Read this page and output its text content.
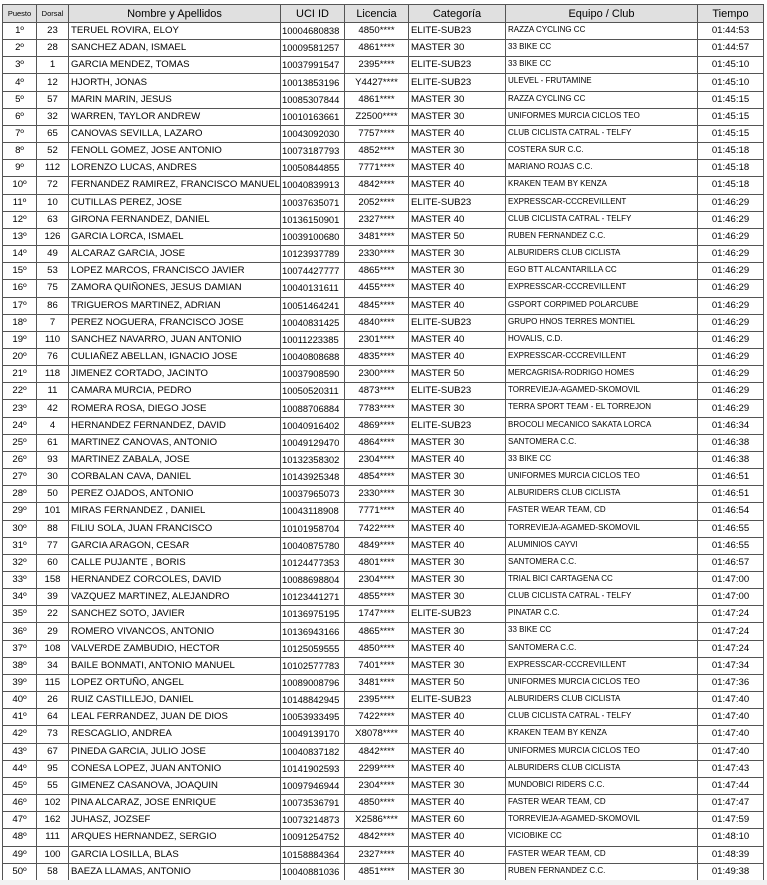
Puesto	Dorsal	Nombre y Apellidos	UCI ID	Licencia	Categoría	Equipo / Club	Tiempo
1º	23	TERUEL ROVIRA, ELOY	10004680838	4850****	ELITE-SUB23	RAZZA CYCLING CC	01:44:53
2º	28	SANCHEZ ADAN, ISMAEL	10009581257	4861****	MASTER 30	33 BIKE CC	01:44:57
3º	1	GARCIA MENDEZ, TOMAS	10037991547	2395****	ELITE-SUB23	33 BIKE CC	01:45:10
4º	12	HJORTH, JONAS	10013853196	Y4427****	ELITE-SUB23	ULEVEL - FRUTAMINE	01:45:10
5º	57	MARIN MARIN, JESUS	10085307844	4861****	MASTER 30	RAZZA CYCLING CC	01:45:15
6º	32	WARREN, TAYLOR ANDREW	10010163661	Z2500****	MASTER 30	UNIFORMES MURCIA CICLOS TEO	01:45:15
7º	65	CANOVAS SEVILLA, LAZARO	10043092030	7757****	MASTER 40	CLUB CICLISTA CATRAL - TELFY	01:45:15
8º	52	FENOLL GOMEZ, JOSE ANTONIO	10073187793	4852****	MASTER 30	COSTERA SUR C.C.	01:45:18
9º	112	LORENZO LUCAS, ANDRES	10050844855	7771****	MASTER 40	MARIANO ROJAS C.C.	01:45:18
10º	72	FERNANDEZ RAMIREZ, FRANCISCO MANUEL	10040839913	4842****	MASTER 40	KRAKEN TEAM BY KENZA	01:45:18
11º	10	CUTILLAS PEREZ, JOSE	10037635071	2052****	ELITE-SUB23	EXPRESSCAR-CCCREVILLENT	01:46:29
12º	63	GIRONA FERNANDEZ, DANIEL	10136150901	2327****	MASTER 40	CLUB CICLISTA CATRAL - TELFY	01:46:29
13º	126	GARCIA LORCA, ISMAEL	10039100680	3481****	MASTER 50	RUBEN FERNANDEZ C.C.	01:46:29
14º	49	ALCARAZ GARCIA, JOSE	10123937789	2330****	MASTER 30	ALBURIDERS CLUB CICLISTA	01:46:29
15º	53	LOPEZ MARCOS, FRANCISCO JAVIER	10074427777	4865****	MASTER 30	EGO BTT ALCANTARILLA CC	01:46:29
16º	75	ZAMORA QUIÑONES, JESUS DAMIAN	10040131611	4455****	MASTER 40	EXPRESSCAR-CCCREVILLENT	01:46:29
17º	86	TRIGUEROS MARTINEZ, ADRIAN	10051464241	4845****	MASTER 40	GSPORT CORPIMED POLARCUBE	01:46:29
18º	7	PEREZ NOGUERA, FRANCISCO JOSE	10040831425	4840****	ELITE-SUB23	GRUPO HNOS TERRES MONTIEL	01:46:29
19º	110	SANCHEZ NAVARRO, JUAN ANTONIO	10011223385	2301****	MASTER 40	HOVALIS, C.D.	01:46:29
20º	76	CULIAÑEZ ABELLAN, IGNACIO JOSE	10040808688	4835****	MASTER 40	EXPRESSCAR-CCCREVILLENT	01:46:29
21º	118	JIMENEZ CORTADO, JACINTO	10037908590	2300****	MASTER 50	MERCAGRISA-RODRIGO HOMES	01:46:29
22º	11	CAMARA MURCIA, PEDRO	10050520311	4873****	ELITE-SUB23	TORREVIEJA-AGAMED-SKOMOVIL	01:46:29
23º	42	ROMERA ROSA, DIEGO JOSE	10088706884	7783****	MASTER 30	TERRA SPORT TEAM - EL TORREJON	01:46:29
24º	4	HERNANDEZ FERNANDEZ, DAVID	10040916402	4869****	ELITE-SUB23	BROCOLI MECANICO SAKATA LORCA	01:46:34
25º	61	MARTINEZ CANOVAS, ANTONIO	10049129470	4864****	MASTER 30	SANTOMERA C.C.	01:46:38
26º	93	MARTINEZ ZABALA, JOSE	10132358302	2304****	MASTER 40	33 BIKE CC	01:46:38
27º	30	CORBALAN CAVA, DANIEL	10143925348	4854****	MASTER 30	UNIFORMES MURCIA CICLOS TEO	01:46:51
28º	50	PEREZ OJADOS, ANTONIO	10037965073	2330****	MASTER 30	ALBURIDERS CLUB CICLISTA	01:46:51
29º	101	MIRAS FERNANDEZ , DANIEL	10043118908	7771****	MASTER 40	FASTER WEAR TEAM, CD	01:46:54
30º	88	FILIU SOLA, JUAN FRANCISCO	10101958704	7422****	MASTER 40	TORREVIEJA-AGAMED-SKOMOVIL	01:46:55
31º	77	GARCIA ARAGON, CESAR	10040875780	4849****	MASTER 40	ALUMINIOS CAYVI	01:46:55
32º	60	CALLE PUJANTE , BORIS	10124477353	4801****	MASTER 30	SANTOMERA C.C.	01:46:57
33º	158	HERNANDEZ CORCOLES, DAVID	10088698804	2304****	MASTER 30	TRIAL BICI CARTAGENA CC	01:47:00
34º	39	VAZQUEZ MARTINEZ, ALEJANDRO	10123441271	4855****	MASTER 30	CLUB CICLISTA CATRAL - TELFY	01:47:00
35º	22	SANCHEZ SOTO, JAVIER	10136975195	1747****	ELITE-SUB23	PINATAR C.C.	01:47:24
36º	29	ROMERO VIVANCOS, ANTONIO	10136943166	4865****	MASTER 30	33 BIKE CC	01:47:24
37º	108	VALVERDE ZAMBUDIO, HECTOR	10125059555	4850****	MASTER 40	SANTOMERA C.C.	01:47:24
38º	34	BAILE BONMATI, ANTONIO MANUEL	10102577783	7401****	MASTER 30	EXPRESSCAR-CCCREVILLENT	01:47:34
39º	115	LOPEZ ORTUÑO, ANGEL	10089008796	3481****	MASTER 50	UNIFORMES MURCIA CICLOS TEO	01:47:36
40º	26	RUIZ CASTILLEJO, DANIEL	10148842945	2395****	ELITE-SUB23	ALBURIDERS CLUB CICLISTA	01:47:40
41º	64	LEAL FERRANDEZ, JUAN DE DIOS	10053933495	7422****	MASTER 40	CLUB CICLISTA CATRAL - TELFY	01:47:40
42º	73	RESCAGLIO, ANDREA	10049139170	X8078****	MASTER 40	KRAKEN TEAM BY KENZA	01:47:40
43º	67	PINEDA GARCIA, JULIO JOSE	10040837182	4842****	MASTER 40	UNIFORMES MURCIA CICLOS TEO	01:47:40
44º	95	CONESA LOPEZ, JUAN ANTONIO	10141902593	2299****	MASTER 40	ALBURIDERS CLUB CICLISTA	01:47:43
45º	55	GIMENEZ CASANOVA, JOAQUIN	10097946944	2304****	MASTER 30	MUNDOBICI RIDERS C.C.	01:47:44
46º	102	PINA ALCARAZ, JOSE ENRIQUE	10073536791	4850****	MASTER 40	FASTER WEAR TEAM, CD	01:47:47
47º	162	JUHASZ, JOZSEF	10073214873	X2586****	MASTER 60	TORREVIEJA-AGAMED-SKOMOVIL	01:47:59
48º	111	ARQUES HERNANDEZ, SERGIO	10091254752	4842****	MASTER 40	VICIOBIKE CC	01:48:10
49º	100	GARCIA LOSILLA, BLAS	10158884364	2327****	MASTER 40	FASTER WEAR TEAM, CD	01:48:39
50º	58	BAEZA LLAMAS, ANTONIO	10040881036	4851****	MASTER 30	RUBEN FERNANDEZ C.C.	01:49:38
